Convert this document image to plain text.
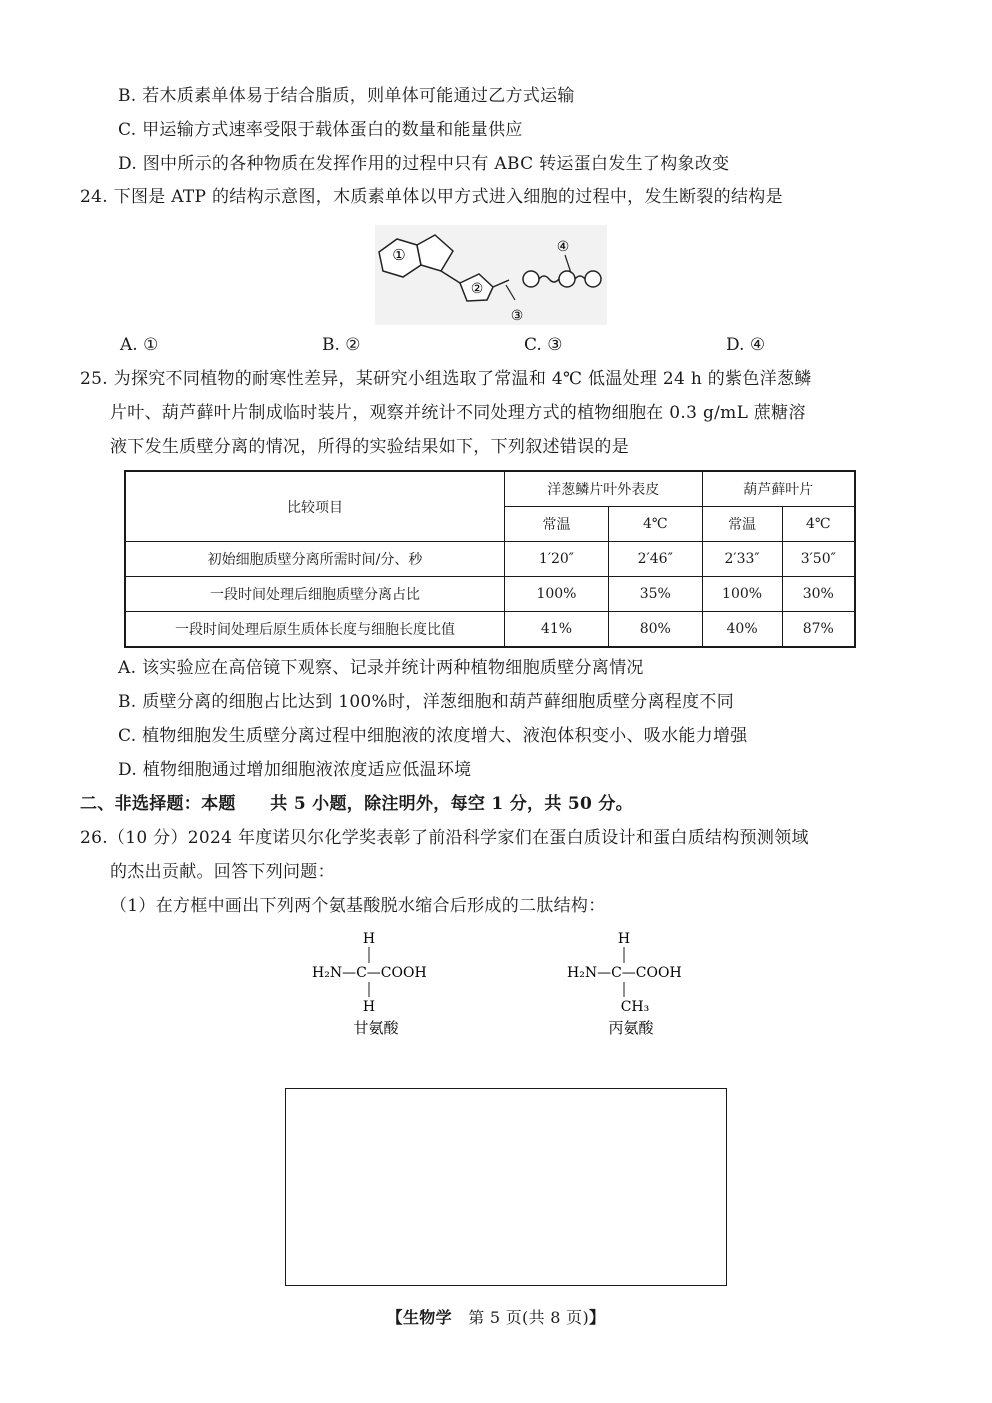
B. 若木质素单体易于结合脂质，则单体可能通过乙方式运输
C. 甲运输方式速率受限于载体蛋白的数量和能量供应
D. 图中所示的各种物质在发挥作用的过程中只有 ABC 转运蛋白发生了构象改变
24. 下图是 ATP 的结构示意图，木质素单体以甲方式进入细胞的过程中，发生断裂的结构是
①
②
③
④
A. ①	B. ②	C. ③	D. ④
25. 为探究不同植物的耐寒性差异，某研究小组选取了常温和 4℃ 低温处理 24 h 的紫色洋葱鳞
片叶、葫芦藓叶片制成临时装片，观察并统计不同处理方式的植物细胞在 0.3 g/mL 蔗糖溶
液下发生质壁分离的情况，所得的实验结果如下，下列叙述错误的是
比较项目	洋葱鳞片叶外表皮		葫芦藓叶片	
	常温	4℃	常温	4℃
初始细胞质壁分离所需时间/分、秒	1′20″	2′46″	2′33″	3′50″
一段时间处理后细胞质壁分离占比	100%	35%	100%	30%
一段时间处理后原生质体长度与细胞长度比值	41%	80%	40%	87%
A. 该实验应在高倍镜下观察、记录并统计两种植物细胞质壁分离情况
B. 质壁分离的细胞占比达到 100%时，洋葱细胞和葫芦藓细胞质壁分离程度不同
C. 植物细胞发生质壁分离过程中细胞液的浓度增大、液泡体积变小、吸水能力增强
D. 植物细胞通过增加细胞液浓度适应低温环境
二、非选择题：本题　　共 5 小题，除注明外，每空 1 分，共 50 分。
26.（10 分）2024 年度诺贝尔化学奖表彰了前沿科学家们在蛋白质设计和蛋白质结构预测领域
的杰出贡献。回答下列问题：
（1）在方框中画出下列两个氨基酸脱水缩合后形成的二肽结构：
H
H₂N—C—COOH
H
甘氨酸
H
H₂N—C—COOH
CH₃
丙氨酸
【生物学　 第 5 页(共 8 页)】
